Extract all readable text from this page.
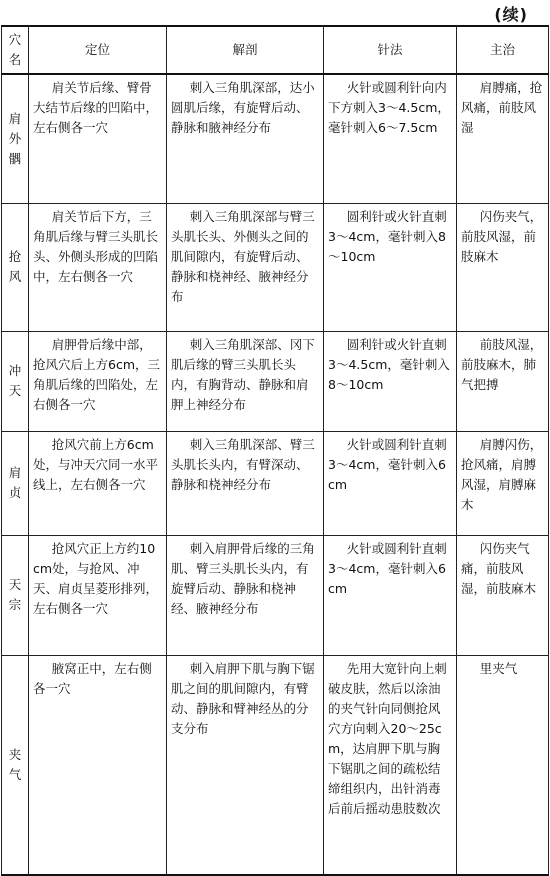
(续)
穴名	定位	解剖	针法	主治

肩外髃	肩关节后缘、臂骨大结节后缘的凹陷中，左右侧各一穴	刺入三角肌深部，达小圆肌后缘，有旋臂后动、静脉和腋神经分布	火针或圆利针向内下方刺入3～4.5cm，毫针刺入6～7.5cm	肩膊痛，抢风痛，前肢风湿

抢风	肩关节后下方，三角肌后缘与臂三头肌长头、外侧头形成的凹陷中，左右侧各一穴	刺入三角肌深部与臂三头肌长头、外侧头之间的肌间隙内，有旋臂后动、静脉和桡神经、腋神经分布	圆利针或火针直刺3～4cm，毫针刺入8～10cm	闪伤夹气，前肢风湿，前肢麻木

冲天	肩胛骨后缘中部，抢风穴后上方6cm，三角肌后缘的凹陷处，左右侧各一穴	刺入三角肌深部、冈下肌后缘的臂三头肌长头内，有胸背动、静脉和肩胛上神经分布	圆利针或火针直刺3～4.5cm，毫针刺入8～10cm	前肢风湿，前肢麻木，肺气把搏

肩贞	抢风穴前上方6cm处，与冲天穴同一水平线上，左右侧各一穴	刺入三角肌深部、臂三头肌长头内，有臂深动、静脉和桡神经分布	火针或圆利针直刺3～4cm，毫针刺入6cm	肩膊闪伤，抢风痛，肩膊风湿，肩膊麻木

天宗	抢风穴正上方约10cm处，与抢风、冲天、肩贞呈菱形排列，左右侧各一穴	刺入肩胛骨后缘的三角肌、臂三头肌长头内，有旋臂后动、静脉和桡神经、腋神经分布	火针或圆利针直刺3～4cm，毫针刺入6cm	闪伤夹气痛，前肢风湿，前肢麻木

夹气	腋窝正中，左右侧各一穴	刺入肩胛下肌与胸下锯肌之间的肌间隙内，有臂动、静脉和臂神经丛的分支分布	先用大宽针向上刺破皮肤，然后以涂油的夹气针向同侧抢风穴方向刺入20～25cm，达肩胛下肌与胸下锯肌之间的疏松结缔组织内，出针消毒后前后摇动患肢数次	里夹气
